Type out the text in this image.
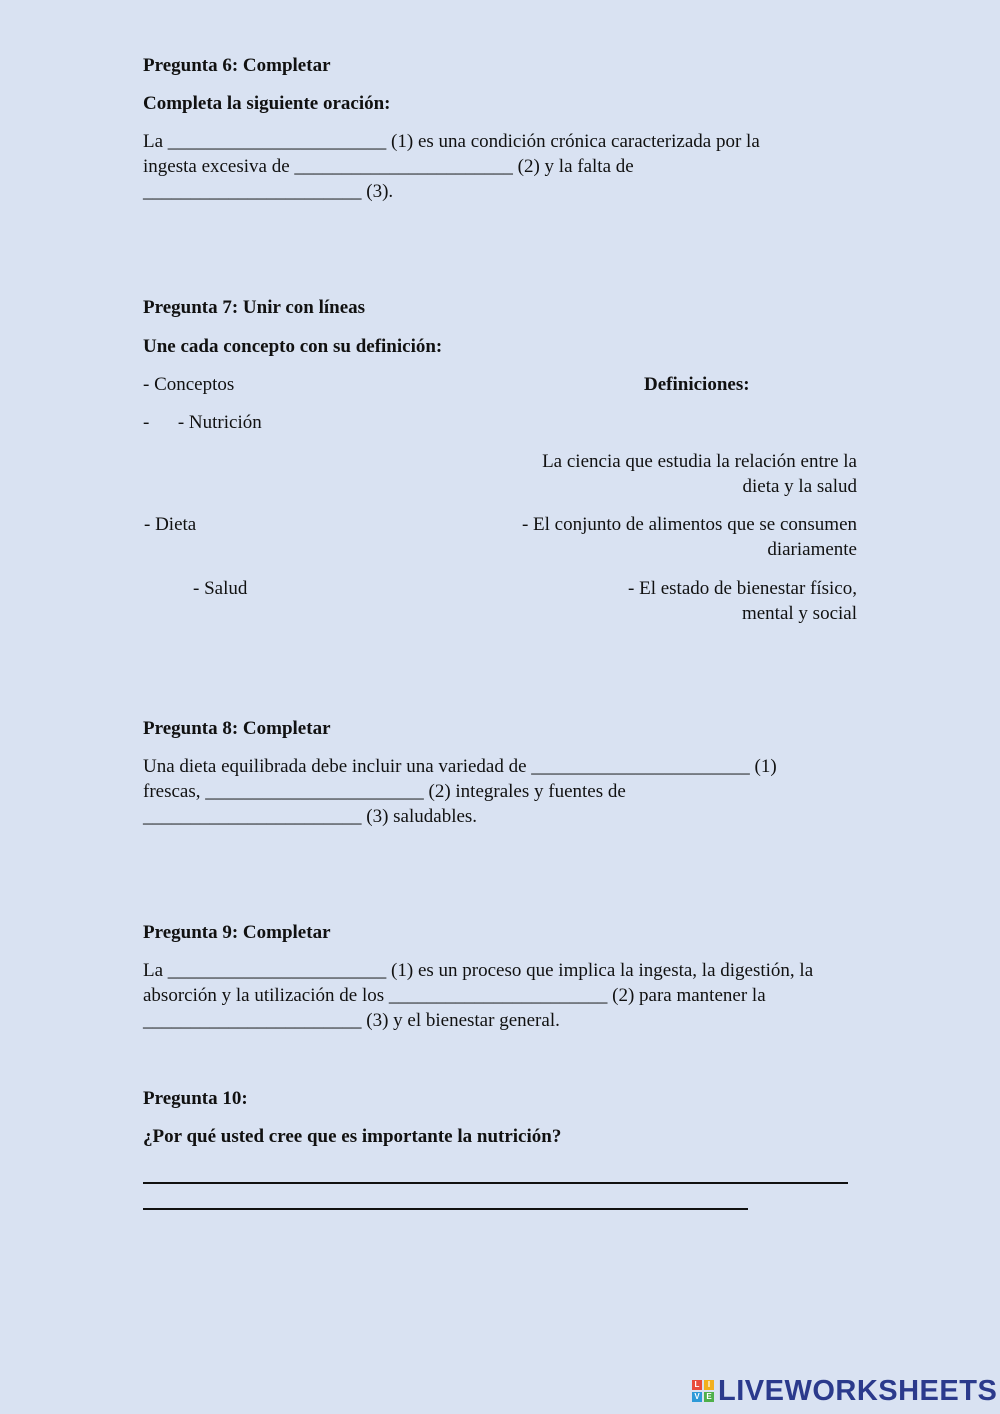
Pregunta 6: Completar
Completa la siguiente oración:
La _______________________ (1) es una condición crónica caracterizada por la
ingesta excesiva de _______________________ (2) y la falta de
_______________________ (3).
Pregunta 7: Unir con líneas
Une cada concepto con su definición:
- Conceptos	Definiciones:
-      - Nutrición
- Dieta
- Salud
La ciencia que estudia la relación entre la
dieta y la salud
- El conjunto de alimentos que se consumen
diariamente
- El estado de bienestar físico,
mental y social
Pregunta 8: Completar
Una dieta equilibrada debe incluir una variedad de _______________________ (1)
frescas, _______________________ (2) integrales y fuentes de
_______________________ (3) saludables.
Pregunta 9: Completar
La _______________________ (1) es un proceso que implica la ingesta, la digestión, la
absorción y la utilización de los _______________________ (2) para mantener la
_______________________ (3) y el bienestar general.
Pregunta 10:
¿Por qué usted cree que es importante la nutrición?
L	I
V E LIVEWORKSHEETS
